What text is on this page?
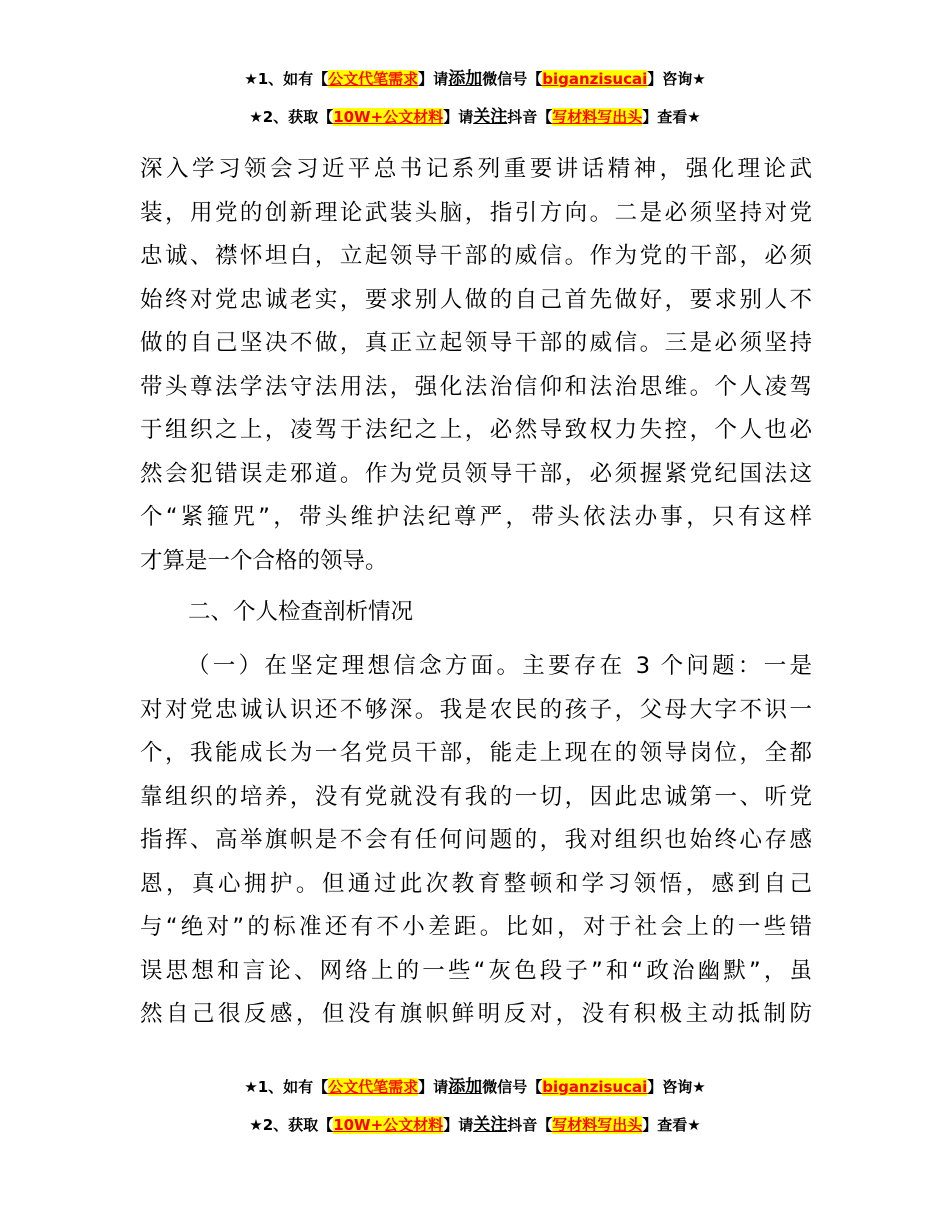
★1、如有【公文代笔需求】请添加微信号【biganzisucai】咨询★
★2、获取【10W+公文材料】请关注抖音【写材料写出头】查看★
深入学习领会习近平总书记系列重要讲话精神，强化理论武
装，用党的创新理论武装头脑，指引方向。二是必须坚持对党
忠诚、襟怀坦白，立起领导干部的威信。作为党的干部，必须
始终对党忠诚老实，要求别人做的自己首先做好，要求别人不
做的自己坚决不做，真正立起领导干部的威信。三是必须坚持
带头尊法学法守法用法，强化法治信仰和法治思维。个人凌驾
于组织之上，凌驾于法纪之上，必然导致权力失控，个人也必
然会犯错误走邪道。作为党员领导干部，必须握紧党纪国法这
个“紧箍咒”，带头维护法纪尊严，带头依法办事，只有这样
才算是一个合格的领导。
二、个人检查剖析情况
（一）在坚定理想信念方面。主要存在 3 个问题：一是
对对党忠诚认识还不够深。我是农民的孩子，父母大字不识一
个，我能成长为一名党员干部，能走上现在的领导岗位，全都
靠组织的培养，没有党就没有我的一切，因此忠诚第一、听党
指挥、高举旗帜是不会有任何问题的，我对组织也始终心存感
恩，真心拥护。但通过此次教育整顿和学习领悟，感到自己
与“绝对”的标准还有不小差距。比如，对于社会上的一些错
误思想和言论、网络上的一些“灰色段子”和“政治幽默”，虽
然自己很反感，但没有旗帜鲜明反对，没有积极主动抵制防
★1、如有【公文代笔需求】请添加微信号【biganzisucai】咨询★
★2、获取【10W+公文材料】请关注抖音【写材料写出头】查看★
